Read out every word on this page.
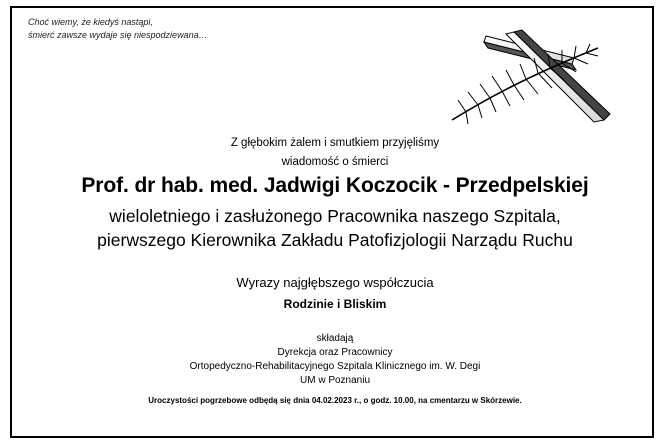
Choć wiemy, że kiedyś nastąpi,
śmierć zawsze wydaje się niespodziewana…
Z głębokim żalem i smutkiem przyjęliśmy
wiadomość o śmierci
Prof. dr hab. med. Jadwigi Koczocik - Przedpelskiej
wieloletniego i zasłużonego Pracownika naszego Szpitala,
pierwszego Kierownika Zakładu Patofizjologii Narządu Ruchu
Wyrazy najgłębszego współczucia
Rodzinie i Bliskim
składają
Dyrekcja oraz Pracownicy
Ortopedyczno-Rehabilitacyjnego Szpitala Klinicznego im. W. Degi
UM w Poznaniu
Uroczystości pogrzebowe odbędą się dnia 04.02.2023 r., o godz. 10.00, na cmentarzu w Skórzewie.
